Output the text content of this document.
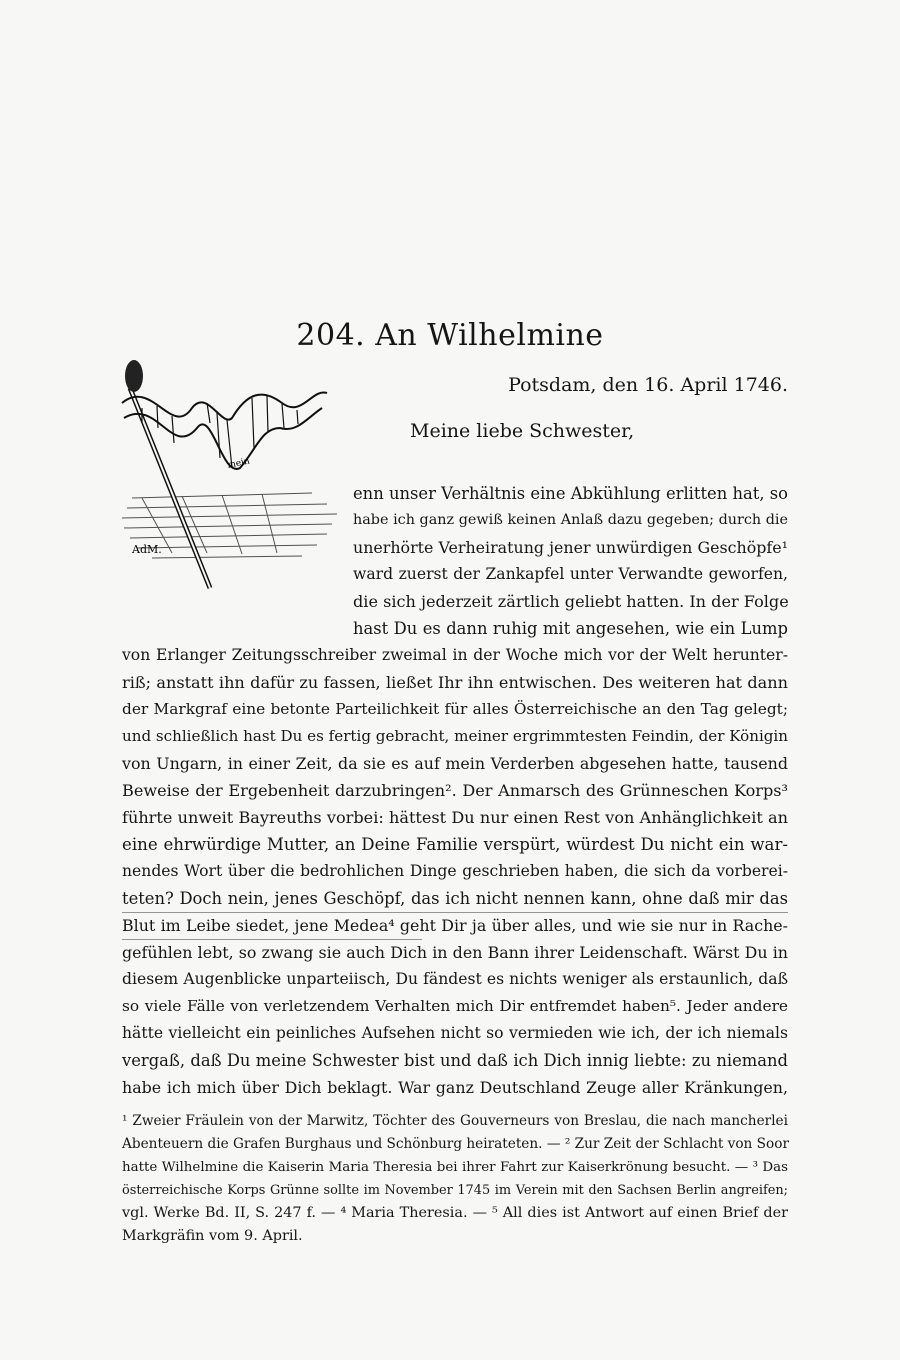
204. An Wilhelmine
Potsdam, den 16. April 1746.
Meine liebe Schwester,
mein
AdM.
enn unser Verhältnis eine Abkühlung erlitten hat, so
habe ich ganz gewiß keinen Anlaß dazu gegeben; durch die
unerhörte Verheiratung jener unwürdigen Geschöpfe¹
ward zuerst der Zankapfel unter Verwandte geworfen,
die sich jederzeit zärtlich geliebt hatten. In der Folge
hast Du es dann ruhig mit angesehen, wie ein Lump
von Erlanger Zeitungsschreiber zweimal in der Woche mich vor der Welt herunter-
riß; anstatt ihn dafür zu fassen, ließet Ihr ihn entwischen. Des weiteren hat dann
der Markgraf eine betonte Parteilichkeit für alles Österreichische an den Tag gelegt;
und schließlich hast Du es fertig gebracht, meiner ergrimmtesten Feindin, der Königin
von Ungarn, in einer Zeit, da sie es auf mein Verderben abgesehen hatte, tausend
Beweise der Ergebenheit darzubringen². Der Anmarsch des Grünneschen Korps³
führte unweit Bayreuths vorbei: hättest Du nur einen Rest von Anhänglichkeit an
eine ehrwürdige Mutter, an Deine Familie verspürt, würdest Du nicht ein war-
nendes Wort über die bedrohlichen Dinge geschrieben haben, die sich da vorberei-
teten? Doch nein, jenes Geschöpf, das ich nicht nennen kann, ohne daß mir das
Blut im Leibe siedet, jene Medea⁴ geht Dir ja über alles, und wie sie nur in Rache-
gefühlen lebt, so zwang sie auch Dich in den Bann ihrer Leidenschaft. Wärst Du in
diesem Augenblicke unparteiisch, Du fändest es nichts weniger als erstaunlich, daß
so viele Fälle von verletzendem Verhalten mich Dir entfremdet haben⁵. Jeder andere
hätte vielleicht ein peinliches Aufsehen nicht so vermieden wie ich, der ich niemals
vergaß, daß Du meine Schwester bist und daß ich Dich innig liebte: zu niemand
habe ich mich über Dich beklagt. War ganz Deutschland Zeuge aller Kränkungen,
¹ Zweier Fräulein von der Marwitz, Töchter des Gouverneurs von Breslau, die nach mancherlei
Abenteuern die Grafen Burghaus und Schönburg heirateten. — ² Zur Zeit der Schlacht von Soor
hatte Wilhelmine die Kaiserin Maria Theresia bei ihrer Fahrt zur Kaiserkrönung besucht. — ³ Das
österreichische Korps Grünne sollte im November 1745 im Verein mit den Sachsen Berlin angreifen;
vgl. Werke Bd. II, S. 247 f. — ⁴ Maria Theresia. — ⁵ All dies ist Antwort auf einen Brief der
Markgräfin vom 9. April.
